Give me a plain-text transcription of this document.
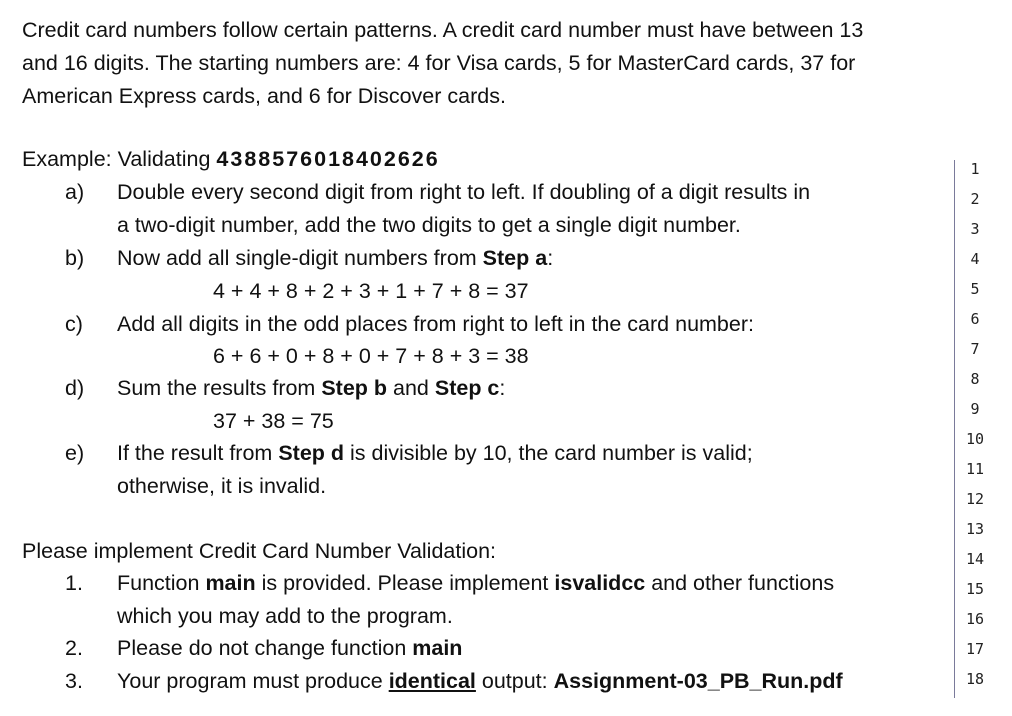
Credit card numbers follow certain patterns. A credit card number must have between 13
and 16 digits. The starting numbers are: 4 for Visa cards, 5 for MasterCard cards, 37 for
American Express cards, and 6 for Discover cards.
Example: Validating 4388576018402626
a) Double every second digit from right to left. If doubling of a digit results in
a two-digit number, add the two digits to get a single digit number.
b) Now add all single-digit numbers from Step a:
4 + 4 + 8 + 2 + 3 + 1 + 7 + 8 = 37
c) Add all digits in the odd places from right to left in the card number:
6 + 6 + 0 + 8 + 0 + 7 + 8 + 3 = 38
d) Sum the results from Step b and Step c:
37 + 38 = 75
e) If the result from Step d is divisible by 10, the card number is valid;
otherwise, it is invalid.
Please implement Credit Card Number Validation:
1. Function main is provided. Please implement isvalidcc and other functions
which you may add to the program.
2. Please do not change function main
3. Your program must produce identical output: Assignment-03_PB_Run.pdf
1
2
3
4
5
6
7
8
9
10
11
12
13
14
15
16
17
18
